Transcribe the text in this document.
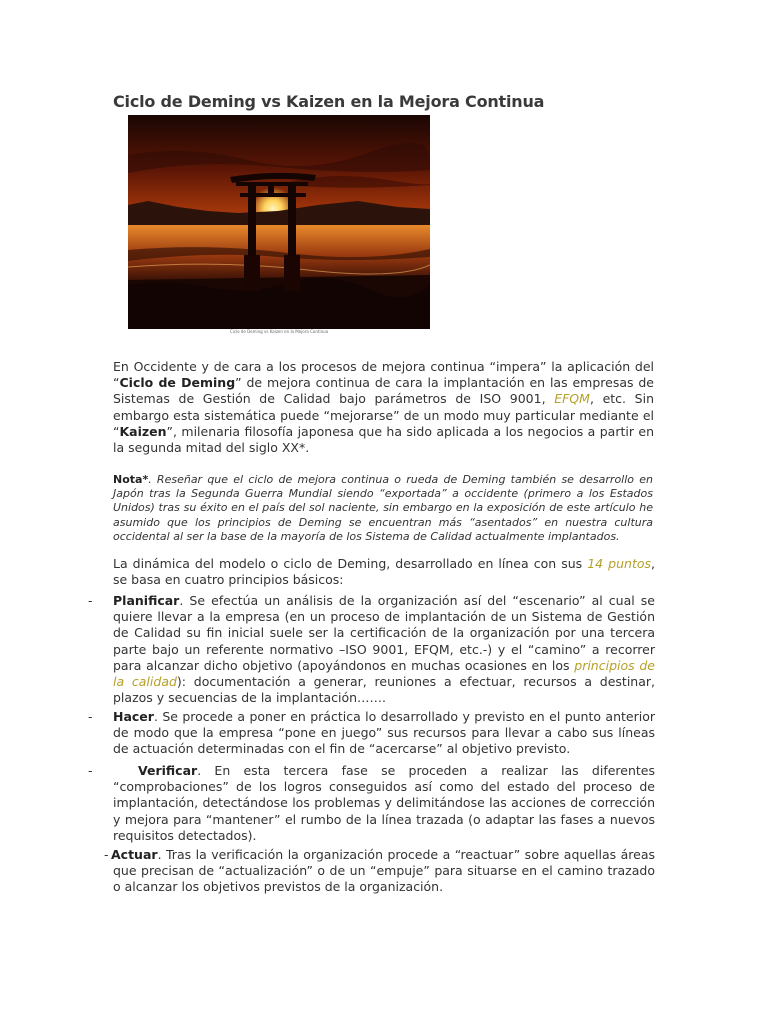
Ciclo de Deming vs Kaizen en la Mejora Continua
Ciclo de Deming vs Kaizen en la Mejora Continua

En Occidente y de cara a los procesos de mejora continua “impera” la aplicación del “Ciclo de Deming” de mejora continua de cara la implantación en las empresas de Sistemas de Gestión de Calidad bajo parámetros de ISO 9001, EFQM, etc. Sin embargo esta sistemática puede “mejorarse” de un modo muy particular mediante el “Kaizen”, milenaria filosofía japonesa que ha sido aplicada a los negocios a partir en la segunda mitad del siglo XX*.

Nota*. Reseñar que el ciclo de mejora continua o rueda de Deming también se desarrollo en Japón tras la Segunda Guerra Mundial siendo “exportada” a occidente (primero a los Estados Unidos) tras su éxito en el país del sol naciente, sin embargo en la exposición de este artículo he asumido que los principios de Deming se encuentran más “asentados” en nuestra cultura occidental al ser la base de la mayoría de los Sistema de Calidad actualmente implantados.

La dinámica del modelo o ciclo de Deming, desarrollado en línea con sus 14 puntos, se basa en cuatro principios básicos:

- Planificar. Se efectúa un análisis de la organización así del “escenario” al cual se quiere llevar a la empresa (en un proceso de implantación de un Sistema de Gestión de Calidad su fin inicial suele ser la certificación de la organización por una tercera parte bajo un referente normativo –ISO 9001, EFQM, etc.-) y el “camino” a recorrer para alcanzar dicho objetivo (apoyándonos en muchas ocasiones en los principios de la calidad): documentación a generar, reuniones a efectuar, recursos a destinar, plazos y secuencias de la implantación…….

- Hacer. Se procede a poner en práctica lo desarrollado y previsto en el punto anterior de modo que la empresa “pone en juego” sus recursos para llevar a cabo sus líneas de actuación determinadas con el fin de “acercarse” al objetivo previsto.

-	Verificar. En esta tercera fase se proceden a realizar las diferentes “comprobaciones” de los logros conseguidos así como del estado del proceso de implantación, detectándose los problemas y delimitándose las acciones de corrección y mejora para “mantener” el rumbo de la línea trazada (o adaptar las fases a nuevos requisitos detectados).

- Actuar. Tras la verificación la organización procede a “reactuar” sobre aquellas áreas que precisan de “actualización” o de un “empuje” para situarse en el camino trazado o alcanzar los objetivos previstos de la organización.
